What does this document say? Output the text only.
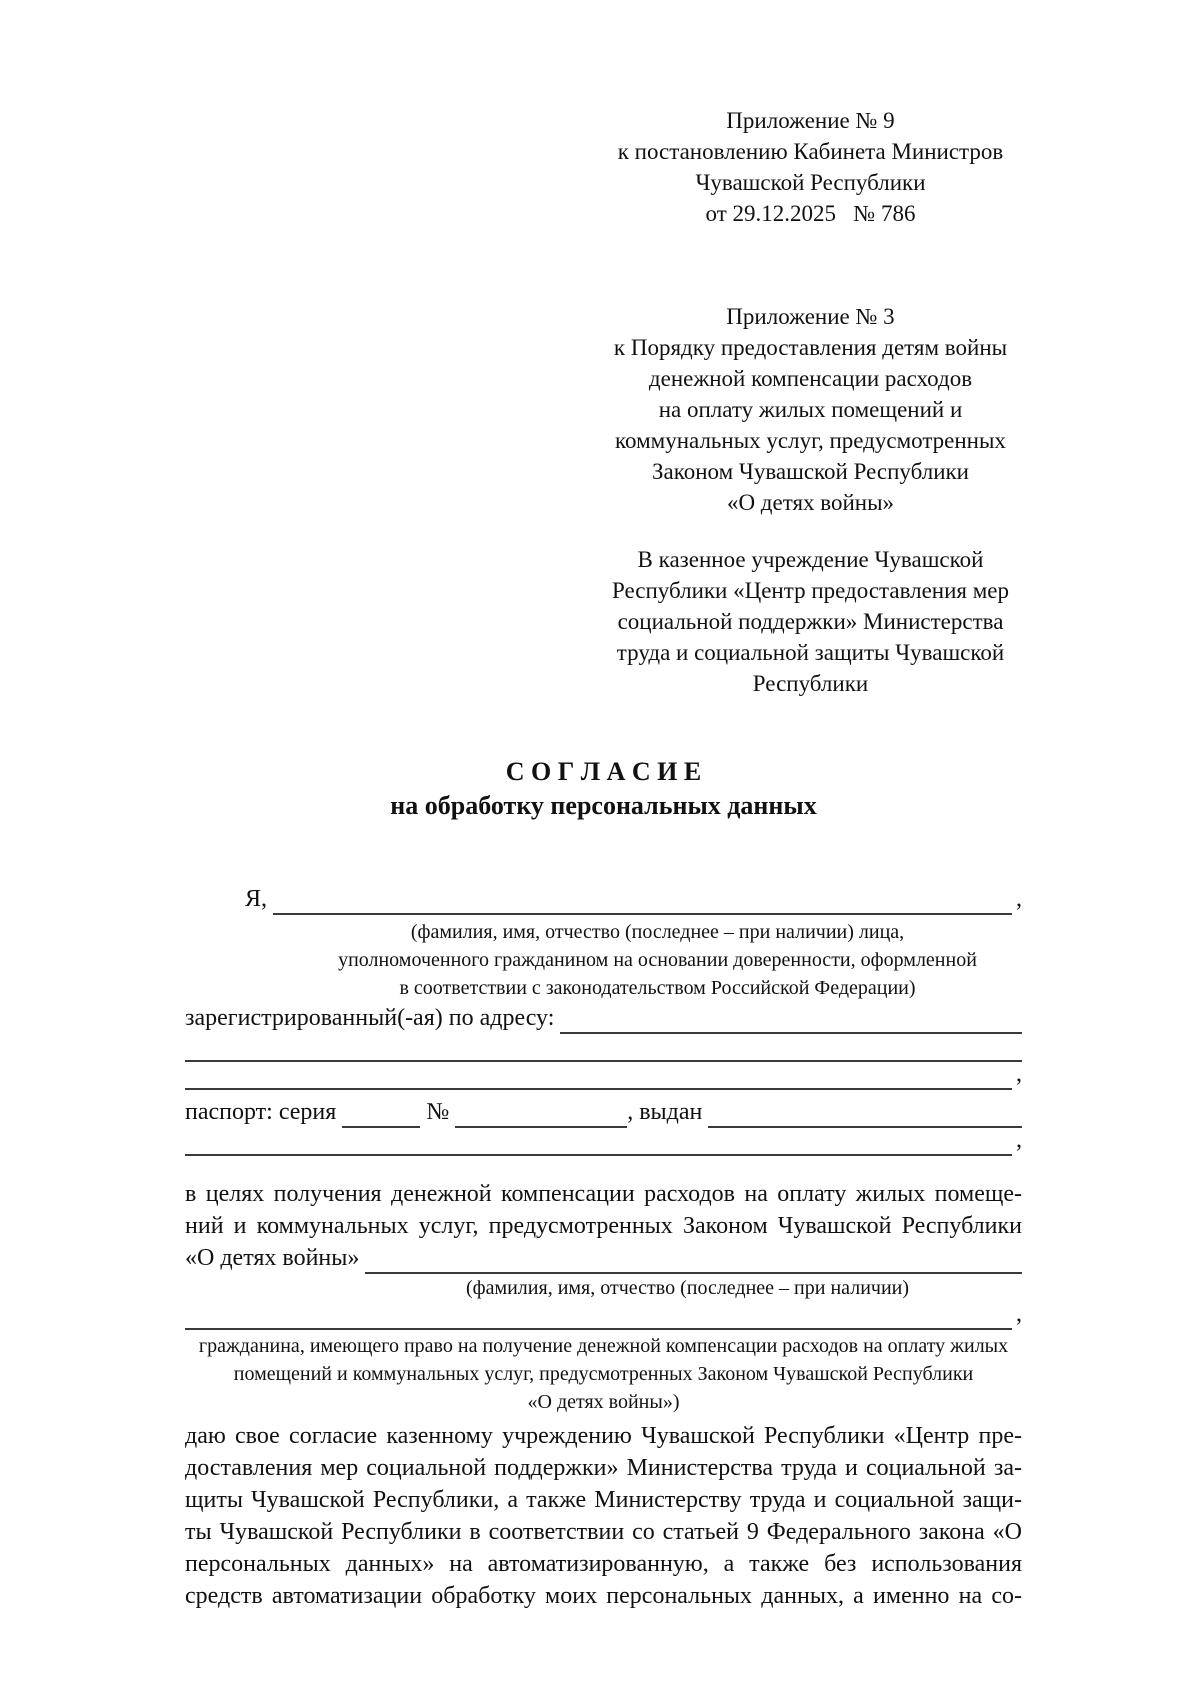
Приложение № 9
к постановлению Кабинета Министров
Чувашской Республики
от 29.12.2025   № 786
Приложение № 3
к Порядку предоставления детям войны
денежной компенсации расходов
на оплату жилых помещений и
коммунальных услуг, предусмотренных
Законом Чувашской Республики
«О детях войны»
В казенное учреждение Чувашской
Республики «Центр предоставления мер
социальной поддержки» Министерства
труда и социальной защиты Чувашской
Республики
С О Г Л А С И Е
на обработку персональных данных
Я,	,
(фамилия, имя, отчество (последнее – при наличии) лица,
уполномоченного гражданином на основании доверенности, оформленной
в соответствии с законодательством Российской Федерации)
зарегистрированный(-ая) по адресу:
,
паспорт: серия	№	, выдан
,
в целях получения денежной компенсации расходов на оплату жилых помеще-
ний и коммунальных услуг, предусмотренных Законом Чувашской Республики
«О детях войны»
(фамилия, имя, отчество (последнее – при наличии)
,
гражданина, имеющего право на получение денежной компенсации расходов на оплату жилых
помещений и коммунальных услуг, предусмотренных Законом Чувашской Республики
«О детях войны»)
даю свое согласие казенному учреждению Чувашской Республики «Центр пре-
доставления мер социальной поддержки» Министерства труда и социальной за-
щиты Чувашской Республики, а также Министерству труда и социальной защи-
ты Чувашской Республики в соответствии со статьей 9 Федерального закона «О
персональных данных» на автоматизированную, а также без использования
средств автоматизации обработку моих персональных данных, а именно на со-
